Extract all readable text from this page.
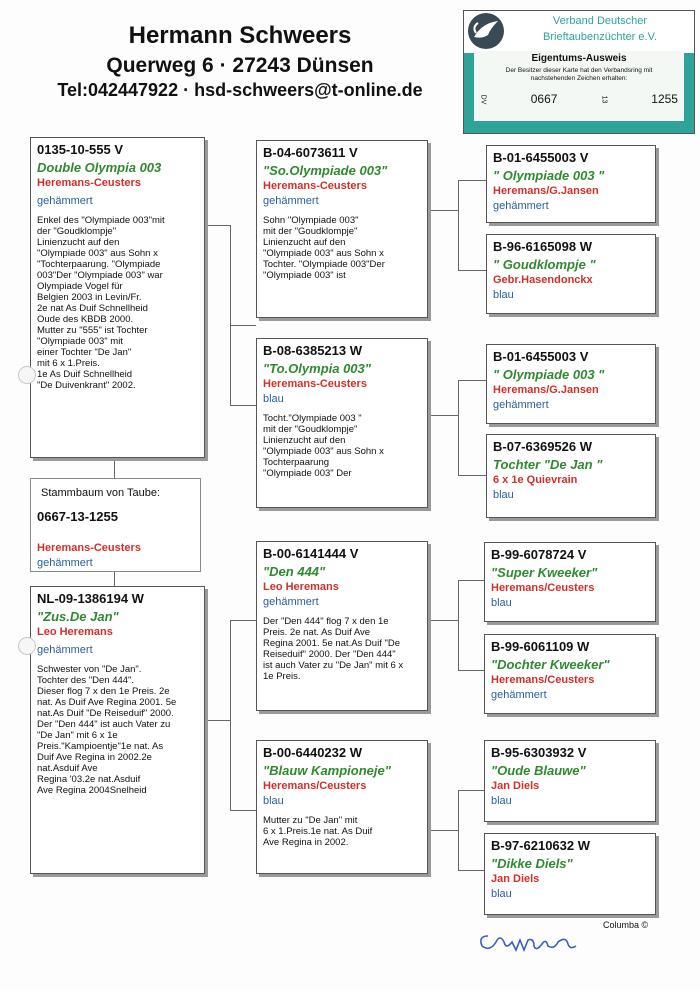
Hermann Schweers
Querweg 6 · 27243 Dünsen
Tel:042447922 · hsd-schweers@t-online.de
Verband Deutscher
Brieftaubenzüchter e.V.
Eigentums-Ausweis
Der Besitzer dieser Karte hat den Verbandsring mit nachstehenden Zeichen erhalten:
DV	0667	13	1255
0135-10-555 V
Double Olympia 003
Heremans-Ceusters
gehämmert
Enkel des "Olympiade 003"mit
der "Goudklompje"
Linienzucht auf den
"Olympiade 003" aus Sohn x
"Tochterpaarung. "Olympiade
003"Der "Olympiade 003" war
Olympiade Vogel für
Belgien 2003 in Levin/Fr.
2e nat As Duif Schnellheid
Oude des KBDB 2000.
Mutter zu "555" ist Tochter
"Olympiade 003" mit
einer Tochter "De Jan"
mit 6 x 1.Preis.
1e As Duif Schnellheid
"De Duivenkrant" 2002.
Stammbaum von Taube:
0667-13-1255
Heremans-Ceusters
gehämmert
NL-09-1386194 W
"Zus.De Jan"
Leo Heremans
gehämmert
Schwester von "De Jan".
Tochter des "Den 444".
Dieser flog 7 x den 1e Preis. 2e
nat. As Duif Ave Regina 2001. 5e
nat.As Duif "De Reiseduif" 2000.
Der "Den 444" ist auch Vater zu
"De Jan" mit 6 x 1e
Preis."Kampioentje"1e nat. As
Duif Ave Regina in 2002.2e
nat.Asduif Ave
Regina '03.2e nat.Asduif
Ave Regina 2004Snelheid
B-04-6073611 V
"So.Olympiade 003"
Heremans-Ceusters
gehämmert
Sohn "Olympiade 003"
mit der "Goudklompje"
Linienzucht auf den
"Olympiade 003" aus Sohn x
Tochter. "Olympiade 003"Der
"Olympiade 003" ist
B-08-6385213 W
"To.Olympia 003"
Heremans-Ceusters
blau
Tocht."Olympiade 003 "
mit der "Goudklompje"
Linienzucht auf den
"Olympiade 003" aus Sohn x
Tochterpaarung
"Olympiade 003" Der
B-00-6141444 V
"Den 444"
Leo Heremans
gehämmert
Der "Den 444" flog 7 x den 1e
Preis. 2e nat. As Duif Ave
Regina 2001. 5e nat.As Duif "De
Reiseduif" 2000. Der "Den 444"
ist auch Vater zu "De Jan" mit 6 x
1e Preis.
B-00-6440232 W
"Blauw Kampioneje"
Heremans/Ceusters
blau
Mutter zu "De Jan" mit
6 x 1.Preis.1e nat. As Duif
Ave Regina in 2002.
B-01-6455003 V
" Olympiade 003 "
Heremans/G.Jansen
gehämmert
B-96-6165098 W
" Goudklompje "
Gebr.Hasendonckx
blau
B-01-6455003 V
" Olympiade 003 "
Heremans/G.Jansen
gehämmert
B-07-6369526 W
Tochter "De Jan "
6 x 1e Quievrain
blau
B-99-6078724 V
"Super Kweeker"
Heremans/Ceusters
blau
B-99-6061109 W
"Dochter Kweeker"
Heremans/Ceusters
gehämmert
B-95-6303932 V
"Oude Blauwe"
Jan Diels
blau
B-97-6210632 W
"Dikke Diels"
Jan Diels
blau
Columba ©
